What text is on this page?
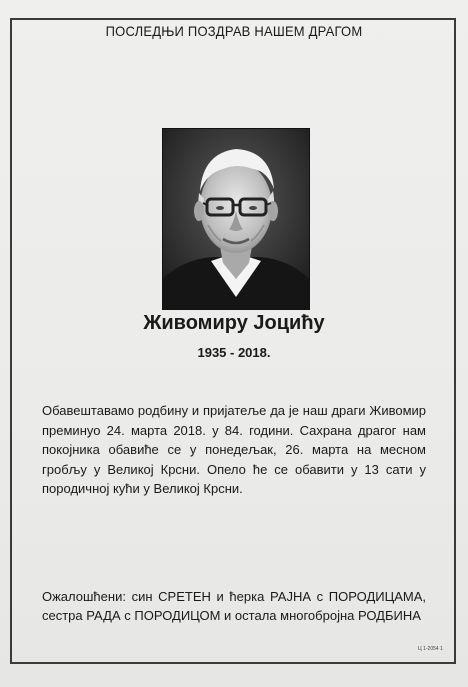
ПОСЛЕДЊИ ПОЗДРАВ НАШЕМ ДРАГОМ
Живомиру Јоцићу
1935 - 2018.
Обавештавамо родбину и пријатеље да је наш драги Живомир преминуо 24. марта 2018. у 84. години. Сахрана драгог нам покојника обавиће се у понедељак, 26. марта на месном гробљу у Великој Крсни. Опело ће се обавити у 13 сати у породичној кући у Великој Крсни.
Ожалошћени: син СРЕТЕН и ћерка РАЈНА с ПОРОДИЦАМА, сестра РАДА с ПОРОДИЦОМ и остала многобројна РОДБИНА
Ц 1-2054 1
